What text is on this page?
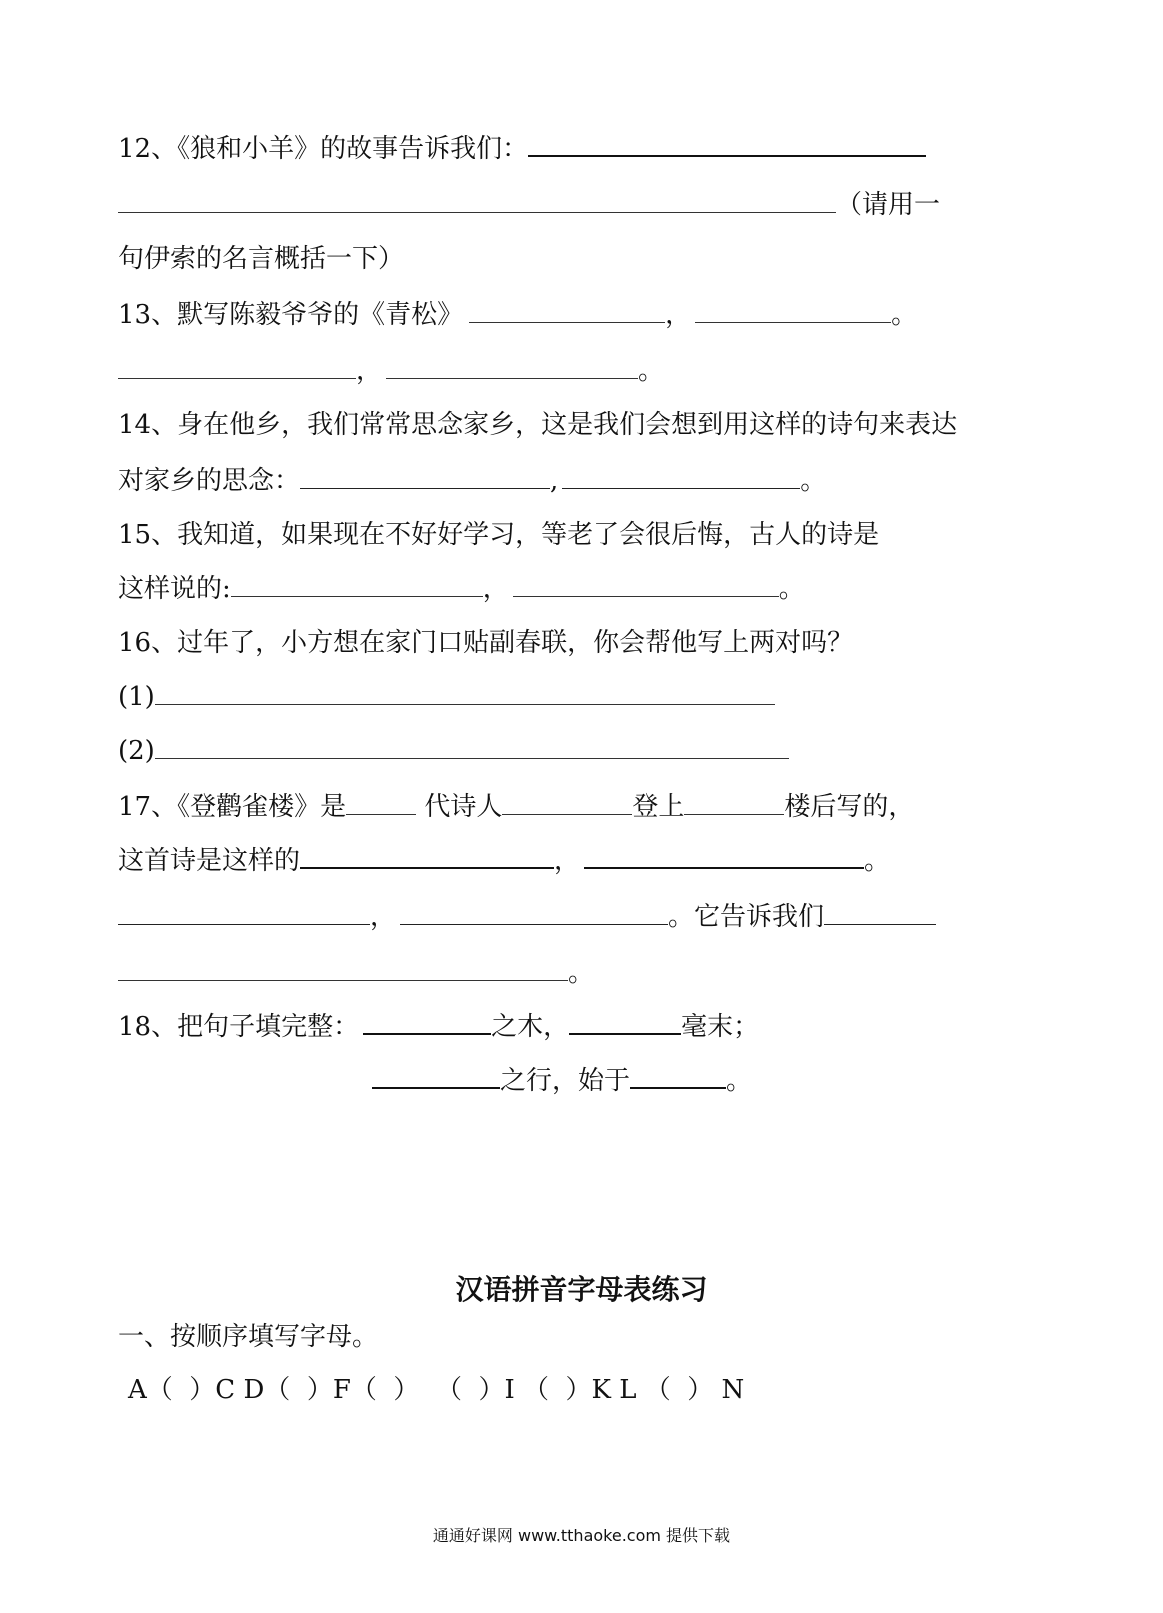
12、《狼和小羊》的故事告诉我们：
（请用一
句伊索的名言概括一下）
13、默写陈毅爷爷的《青松》	，	。
，	。
14、身在他乡，我们常常思念家乡，这是我们会想到用这样的诗句来表达
对家乡的思念：	,	。
15、我知道，如果现在不好好学习，等老了会很后悔，古人的诗是
这样说的:	，	。
16、过年了，小方想在家门口贴副春联，你会帮他写上两对吗？
(1)
(2)
17、《登鹳雀楼》是	代诗人	登上	楼后写的，
这首诗是这样的	，	。
，	。它告诉我们
。
18、把句子填完整：	之木，	毫末；
之行，始于	。
汉语拼音字母表练习
一、按顺序填写字母。
A（  ）C D（  ）F（  ）  （  ）I （  ）K L （  ） N
通通好课网 www.tthaoke.com 提供下载
